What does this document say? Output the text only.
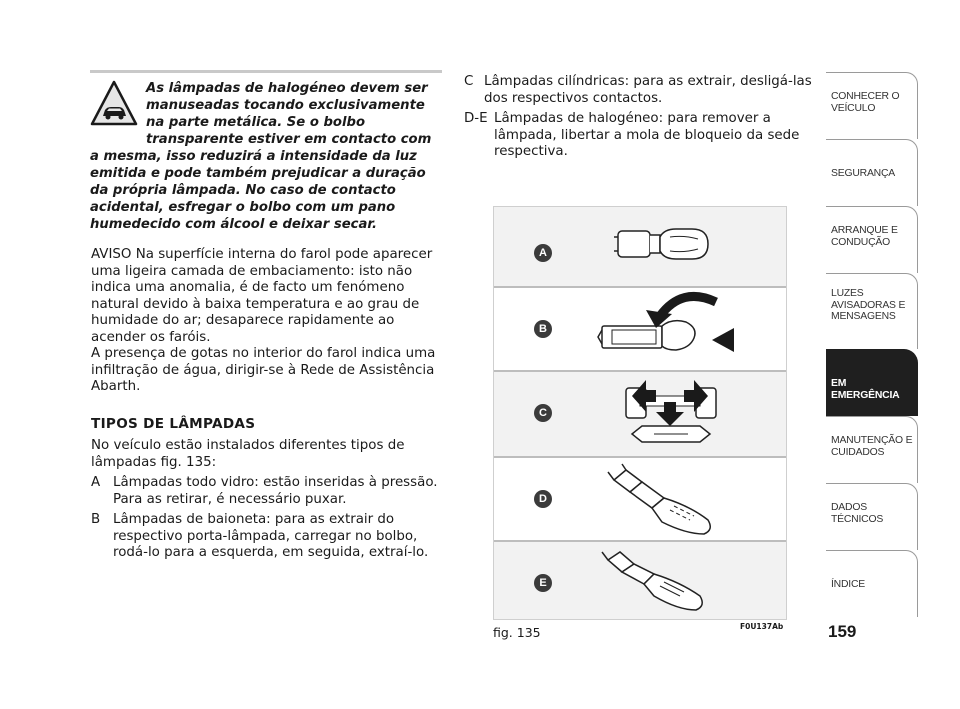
As lâmpadas de halogéneo devem ser manuseadas tocando exclusivamente na parte metálica. Se o bolbo transparente estiver em contacto com a mesma, isso reduzirá a intensidade da luz emitida e pode também prejudicar a duração da própria lâmpada. No caso de contacto acidental, esfregar o bolbo com um pano humedecido com álcool e deixar secar.

AVISO Na superfície interna do farol pode aparecer uma ligeira camada de embaciamento: isto não indica uma anomalia, é de facto um fenómeno natural devido à baixa temperatura e ao grau de humidade do ar; desaparece rapidamente ao acender os faróis.

A presença de gotas no interior do farol indica uma infiltração de água, dirigir-se à Rede de Assistência Abarth.

TIPOS DE LÂMPADAS

No veículo estão instalados diferentes tipos de lâmpadas fig. 135:

A Lâmpadas todo vidro: estão inseridas à pressão. Para as retirar, é necessário puxar.
B Lâmpadas de baioneta: para as extrair do respectivo porta-lâmpada, carregar no bolbo, rodá-lo para a esquerda, em seguida, extraí-lo.
C Lâmpadas cilíndricas: para as extrair, desligá-las dos respectivos contactos.
D-E Lâmpadas de halogéneo: para remover a lâmpada, libertar a mola de bloqueio da sede respectiva.
A
B
C
D
E
fig. 135	F0U137Ab
CONHECER O VEÍCULO
SEGURANÇA
ARRANQUE E CONDUÇÃO
LUZES AVISADORAS E MENSAGENS
EM EMERGÊNCIA
MANUTENÇÃO E CUIDADOS
DADOS TÉCNICOS
ÍNDICE
159
